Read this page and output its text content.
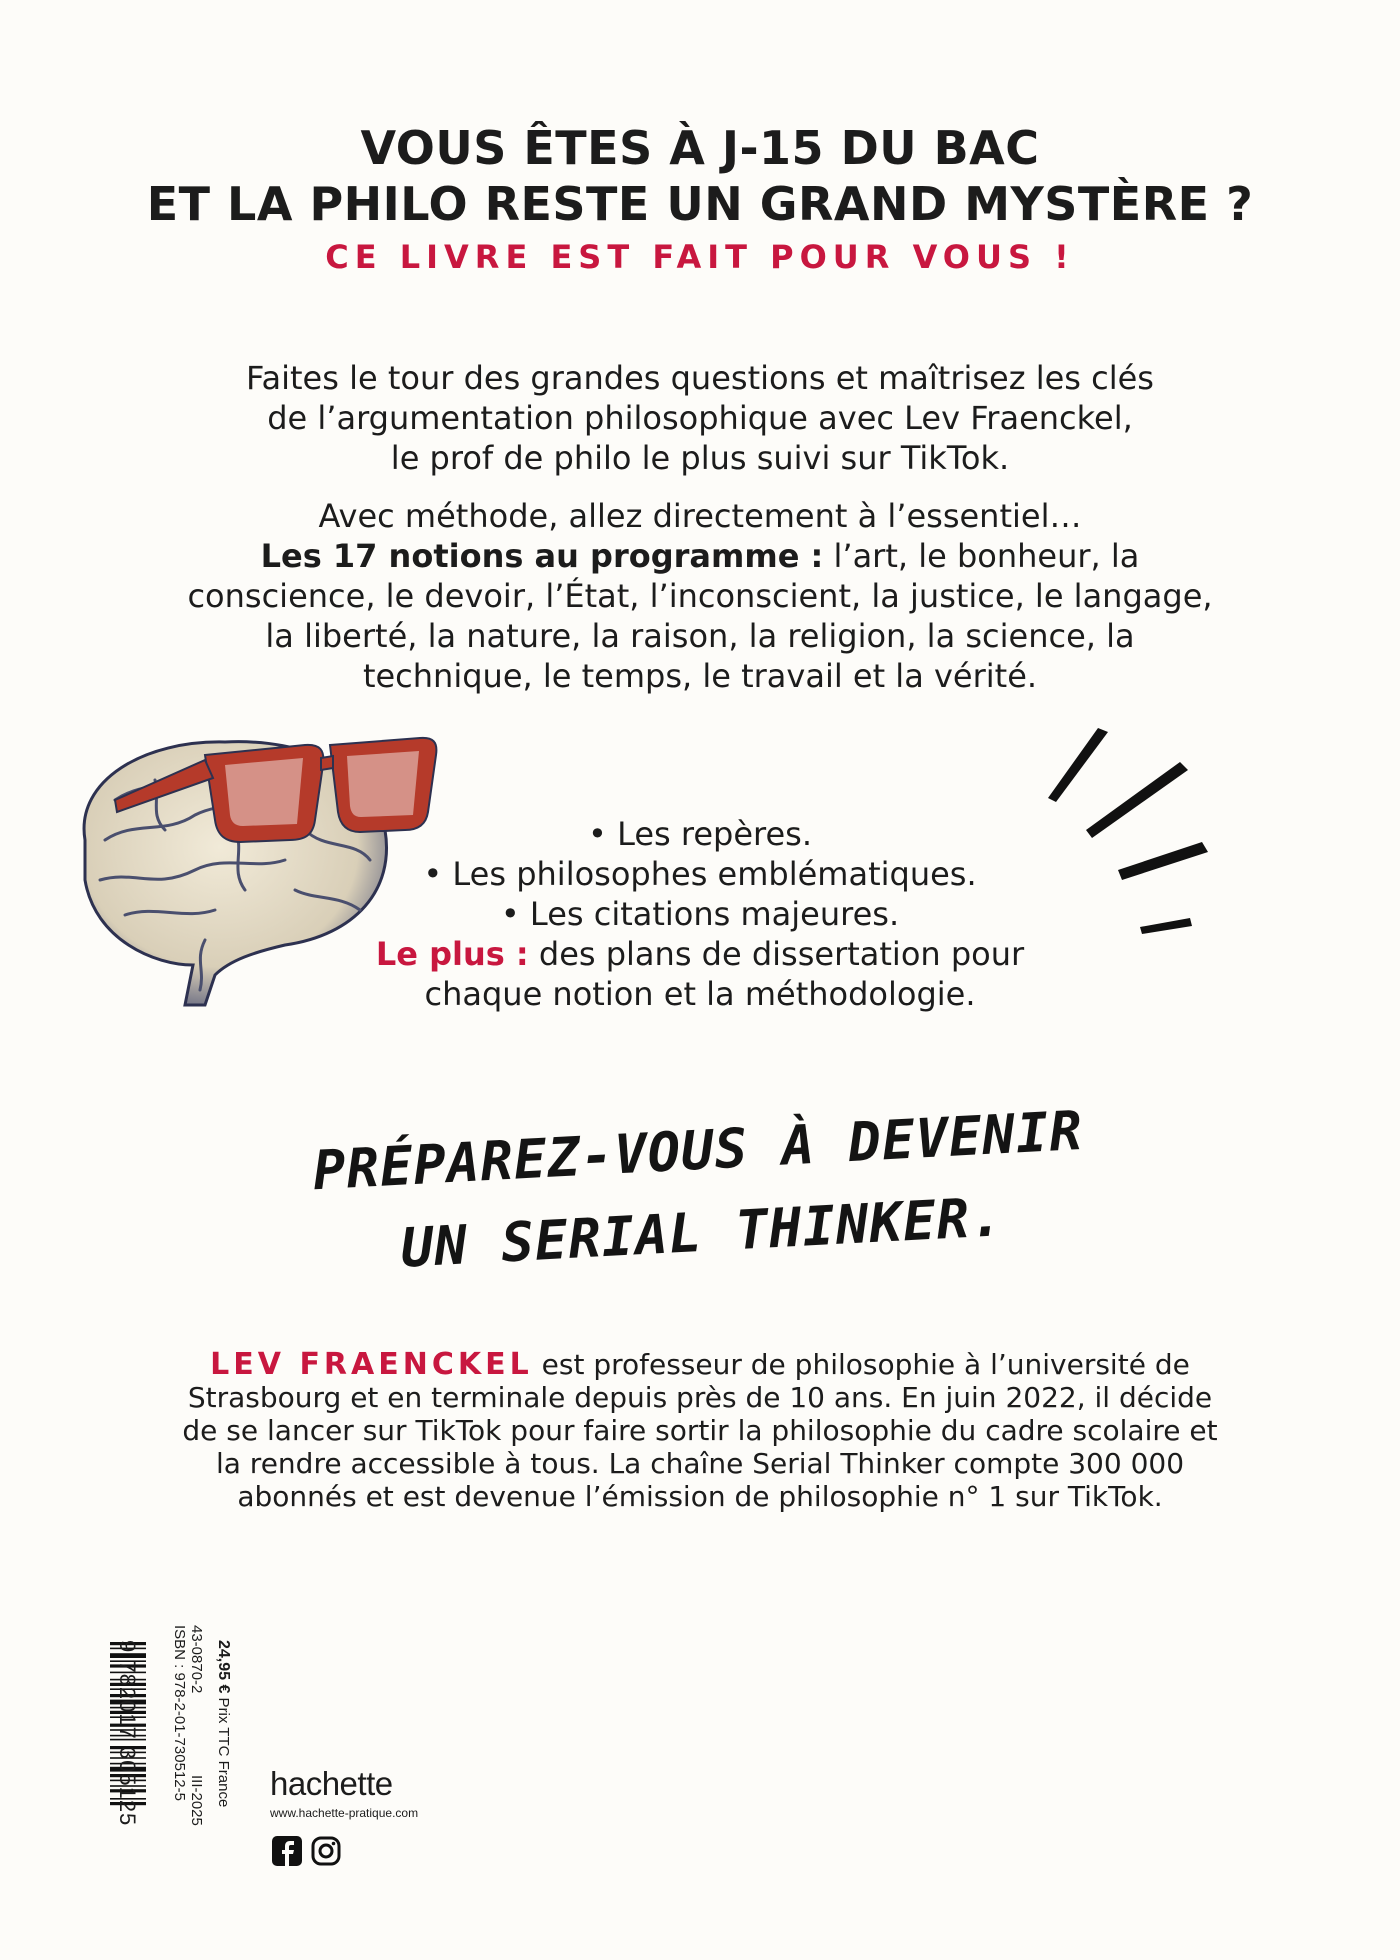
VOUS ÊTES À J-15 DU BAC
ET LA PHILO RESTE UN GRAND MYSTÈRE ?
CE LIVRE EST FAIT POUR VOUS !
Faites le tour des grandes questions et maîtrisez les clés
de l’argumentation philosophique avec Lev Fraenckel,
le prof de philo le plus suivi sur TikTok.
Avec méthode, allez directement à l’essentiel…
Les 17 notions au programme : l’art, le bonheur, la conscience, le devoir, l’État, l’inconscient, la justice, le langage, la liberté, la nature, la raison, la religion, la science, la technique, le temps, le travail et la vérité.
• Les repères.
• Les philosophes emblématiques.
• Les citations majeures.
Le plus : des plans de dissertation pour chaque notion et la méthodologie.
PRÉPAREZ-VOUS À DEVENIR
UN SERIAL THINKER.
LEV FRAENCKEL est professeur de philosophie à l’université de Strasbourg et en terminale depuis près de 10 ans. En juin 2022, il décide de se lancer sur TikTok pour faire sortir la philosophie du cadre scolaire et la rendre accessible à tous. La chaîne Serial Thinker compte 300 000 abonnés et est devenue l’émission de philosophie n° 1 sur TikTok.
9 782017 305125 ISBN : 978-2-01-730512-5 43-0870-2
III-2025
24,95 € Prix TTC France hachette
www.hachette-pratique.com
